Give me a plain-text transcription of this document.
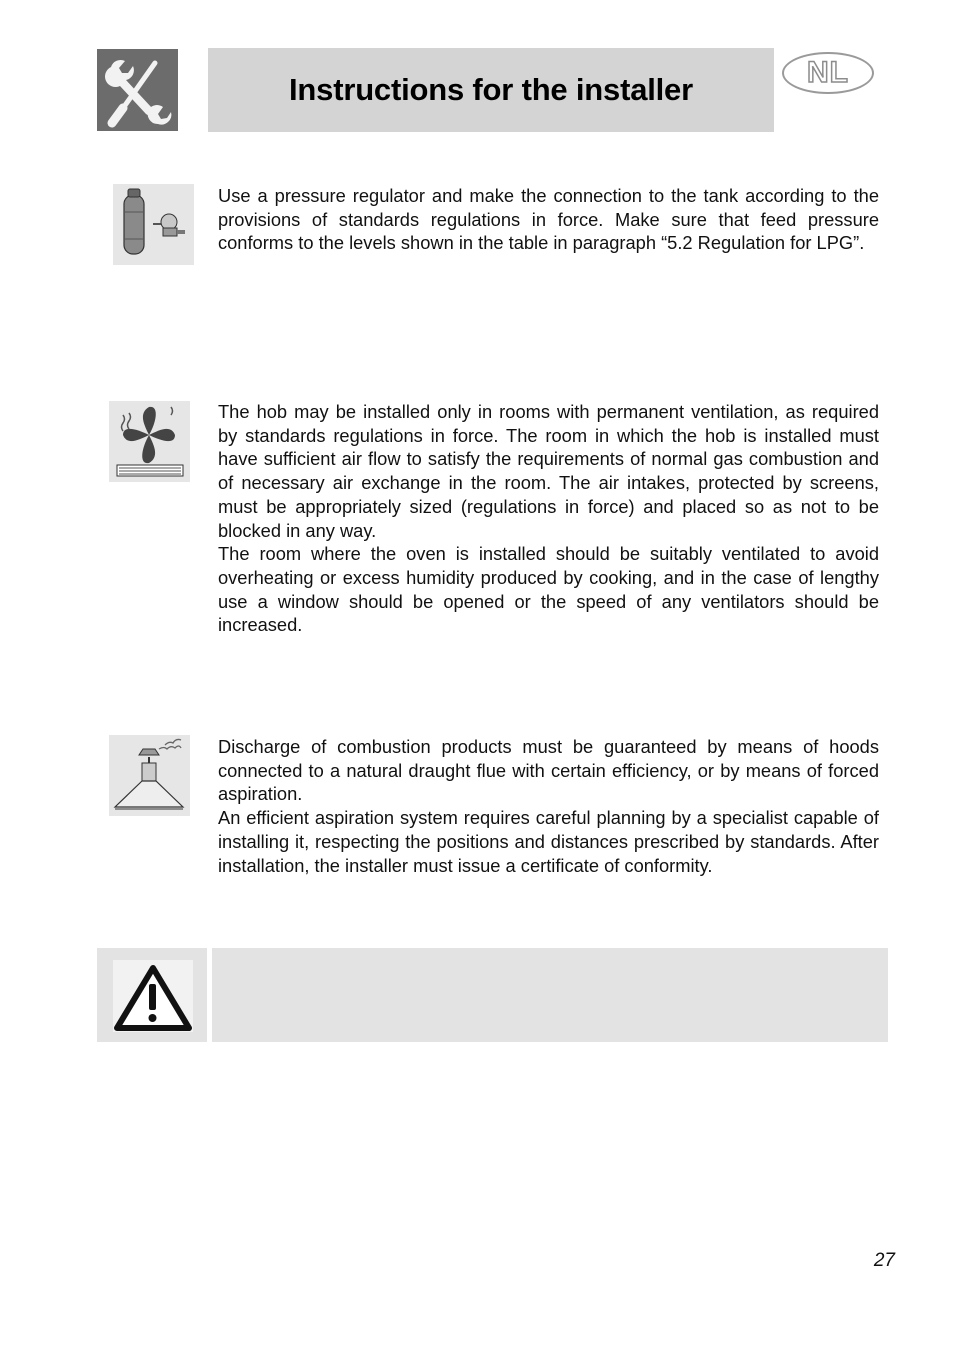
Instructions for the installer	NL

Use a pressure regulator and make the connection to the tank according to the provisions of standards regulations in force. Make sure that feed pressure conforms to the levels shown in the table in paragraph “5.2 Regulation for LPG”.

The hob may be installed only in rooms with permanent ventilation, as required by standards regulations in force. The room in which the hob is installed must have sufficient air flow to satisfy the requirements of normal gas combustion and of necessary air exchange in the room. The air intakes, protected by screens, must be appropriately sized (regulations in force) and placed so as not to be blocked in any way.

The room where the oven is installed should be suitably ventilated to avoid overheating or excess humidity produced by cooking, and in the case of lengthy use a window should be opened or the speed of any ventilators should be increased.

Discharge of combustion products must be guaranteed by means of hoods connected to a natural draught flue with certain efficiency, or by means of forced aspiration.

An efficient aspiration system requires careful planning by a specialist capable of installing it, respecting the positions and distances prescribed by standards. After installation, the installer must issue a certificate of conformity.

27
